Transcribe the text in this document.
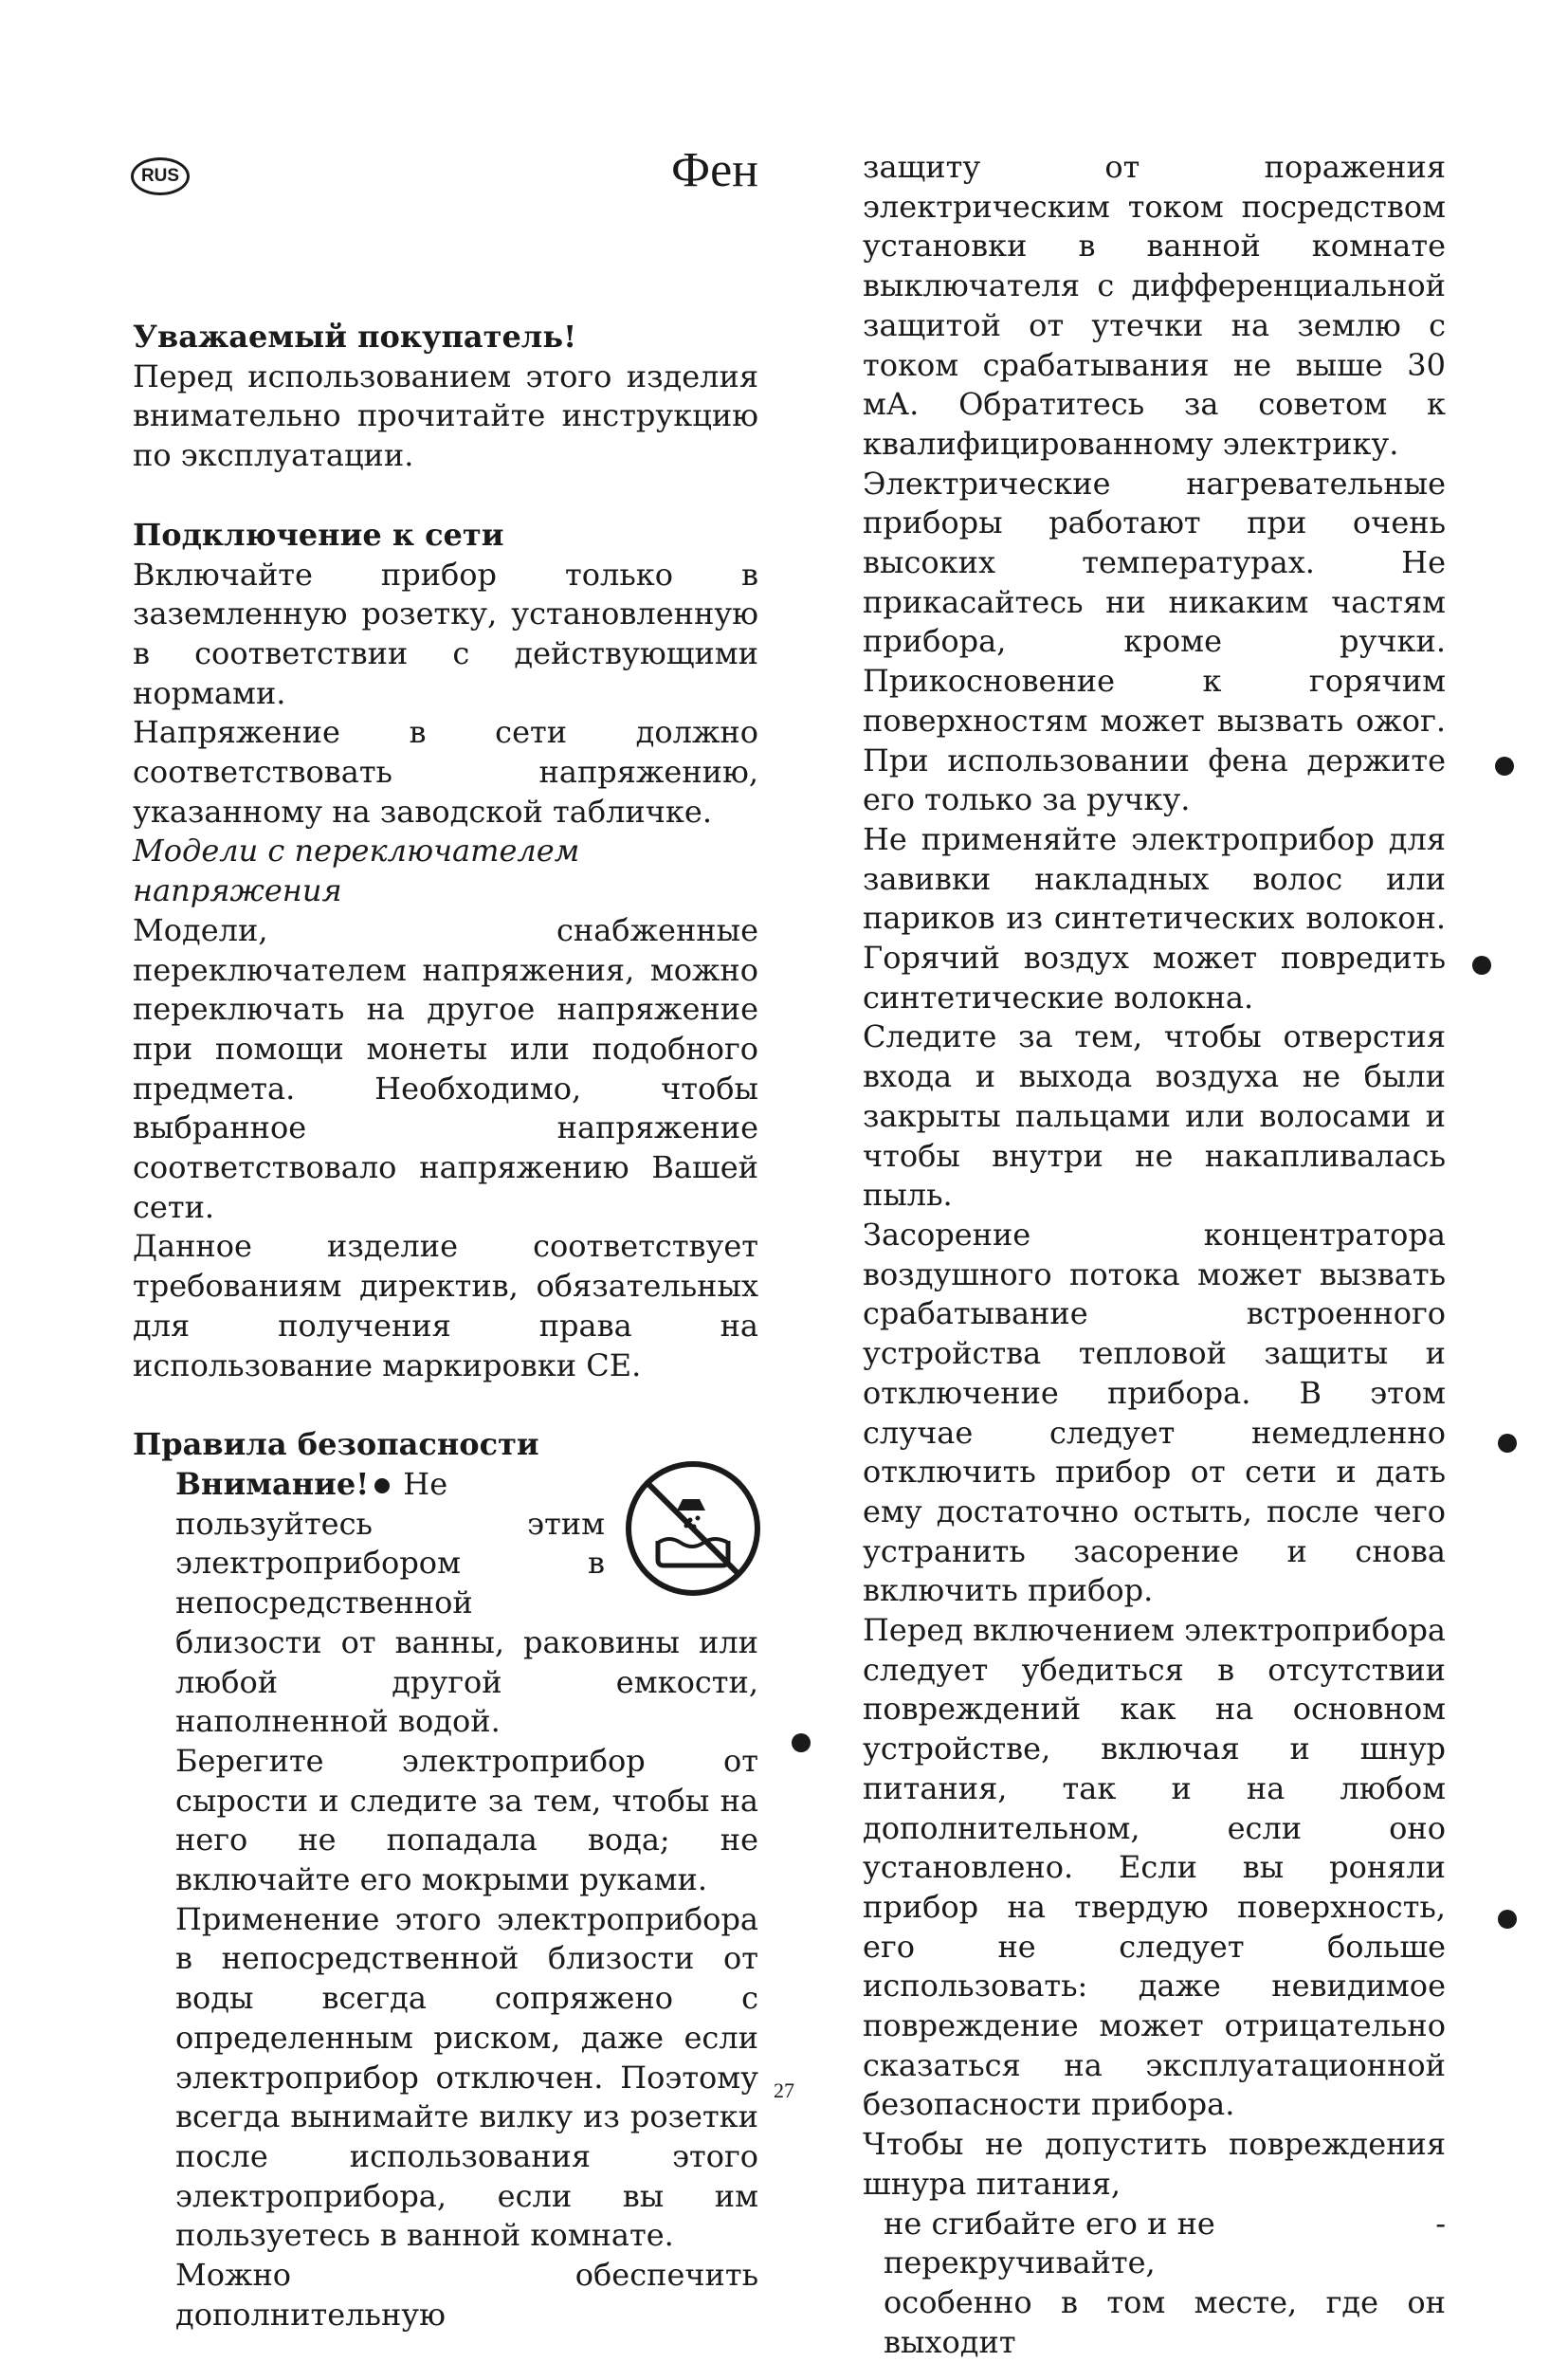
RUS	Фен

Уважаемый покупатель!

Перед использованием этого изделия внимательно прочитайте инструкцию по эксплуатации.

Подключение к сети

Включайте прибор только в заземленную розетку, установленную в соответствии с действующими нормами.

Напряжение в сети должно соответствовать напряжению, указанному на заводской табличке.

Модели с переключателем напряжения

Модели, снабженные переключателем напряжения, можно переключать на другое напряжение при помощи монеты или подобного предмета. Необходимо, чтобы выбранное напряжение соответствовало напряжению Вашей сети.

Данное изделие соответствует требованиям директив, обязательных для получения права на использование маркировки CE.

Правила безопасности

Внимание! Не пользуйтесь этим электроприбором в непосредственной близости от ванны, раковины или любой другой емкости, наполненной водой.

Берегите электроприбор от сырости и следите за тем, чтобы на него не попадала вода; не включайте его мокрыми руками.

Применение этого электроприбора в непосредственной близости от воды всегда сопряжено с определенным риском, даже если электроприбор отключен. Поэтому всегда вынимайте вилку из розетки после использования этого электроприбора, если вы им пользуетесь в ванной комнате.

Можно обеспечить дополнительную

защиту от поражения электрическим током посредством установки в ванной комнате выключателя с дифференциальной защитой от утечки на землю с током срабатывания не выше 30 мА. Обратитесь за советом к квалифицированному электрику.

Электрические нагревательные приборы работают при очень высоких температурах. Не прикасайтесь ни никаким частям прибора, кроме ручки. Прикосновение к горячим поверхностям может вызвать ожог. При использовании фена держите его только за ручку.

Не применяйте электроприбор для завивки накладных волос или париков из синтетических волокон. Горячий воздух может повредить синтетические волокна.

Следите за тем, чтобы отверстия входа и выхода воздуха не были закрыты пальцами или волосами и чтобы внутри не накапливалась пыль.

Засорение концентратора воздушного потока может вызвать срабатывание встроенного устройства тепловой защиты и отключение прибора. В этом случае следует немедленно отключить прибор от сети и дать ему достаточно остыть, после чего устранить засорение и снова включить прибор.

Перед включением электроприбора следует убедиться в отсутствии повреждений как на основном устройстве, включая и шнур питания, так и на любом дополнительном, если оно установлено. Если вы роняли прибор на твердую поверхность, его не следует больше использовать: даже невидимое повреждение может отрицательно сказаться на эксплуатационной безопасности прибора.

Чтобы не допустить повреждения шнура питания,

не сгибайте его и не перекручивайте,
-

особенно в том месте, где он выходит

27
